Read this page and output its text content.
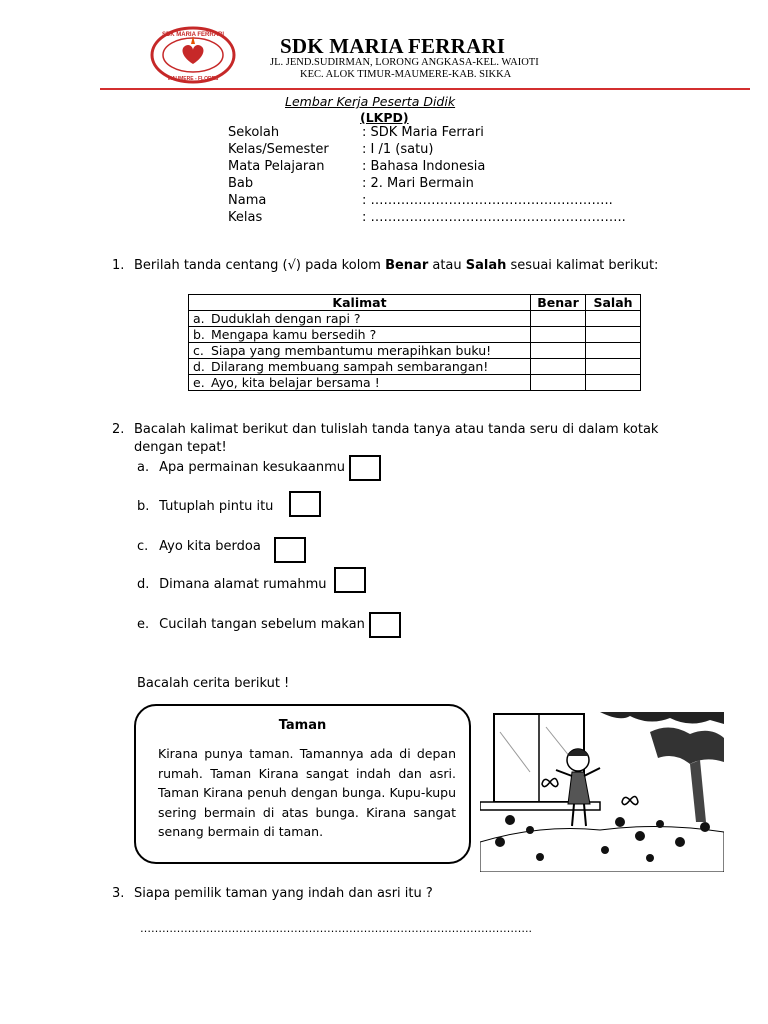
SDK MARIA FERRARI
MAUMERE - FLORES
SDK MARIA FERRARI
JL. JEND.SUDIRMAN, LORONG ANGKASA-KEL. WAIOTI
KEC. ALOK TIMUR-MAUMERE-KAB. SIKKA
Lembar Kerja Peserta Didik
(LKPD)
Sekolah	: SDK Maria Ferrari
Kelas/Semester	: I /1 (satu)
Mata Pelajaran	: Bahasa Indonesia
Bab	: 2. Mari Bermain
Nama	: ………………………………………………..
Kelas	: …………………………………………………..
1. Berilah tanda centang (√) pada kolom Benar atau Salah sesuai kalimat berikut:
Kalimat	Benar	Salah
a. Duduklah dengan rapi ?		
b. Mengapa kamu bersedih ?		
c. Siapa yang membantumu merapihkan buku!		
d. Dilarang membuang sampah sembarangan!		
e. Ayo, kita belajar bersama !		
2. Bacalah kalimat berikut dan tulislah tanda tanya atau tanda seru di dalam kotak
dengan tepat!
a. Apa permainan kesukaanmu
b. Tutuplah pintu itu
c. Ayo kita berdoa
d. Dimana alamat rumahmu
e. Cucilah tangan sebelum makan
Bacalah cerita berikut !
Taman
Kirana punya taman. Tamannya ada di depan rumah. Taman Kirana sangat indah dan asri. Taman Kirana penuh dengan bunga. Kupu-kupu sering bermain di atas bunga. Kirana sangat senang bermain di taman.
3. Siapa pemilik taman yang indah dan asri itu ?
……………………………………………………………………………………………..
